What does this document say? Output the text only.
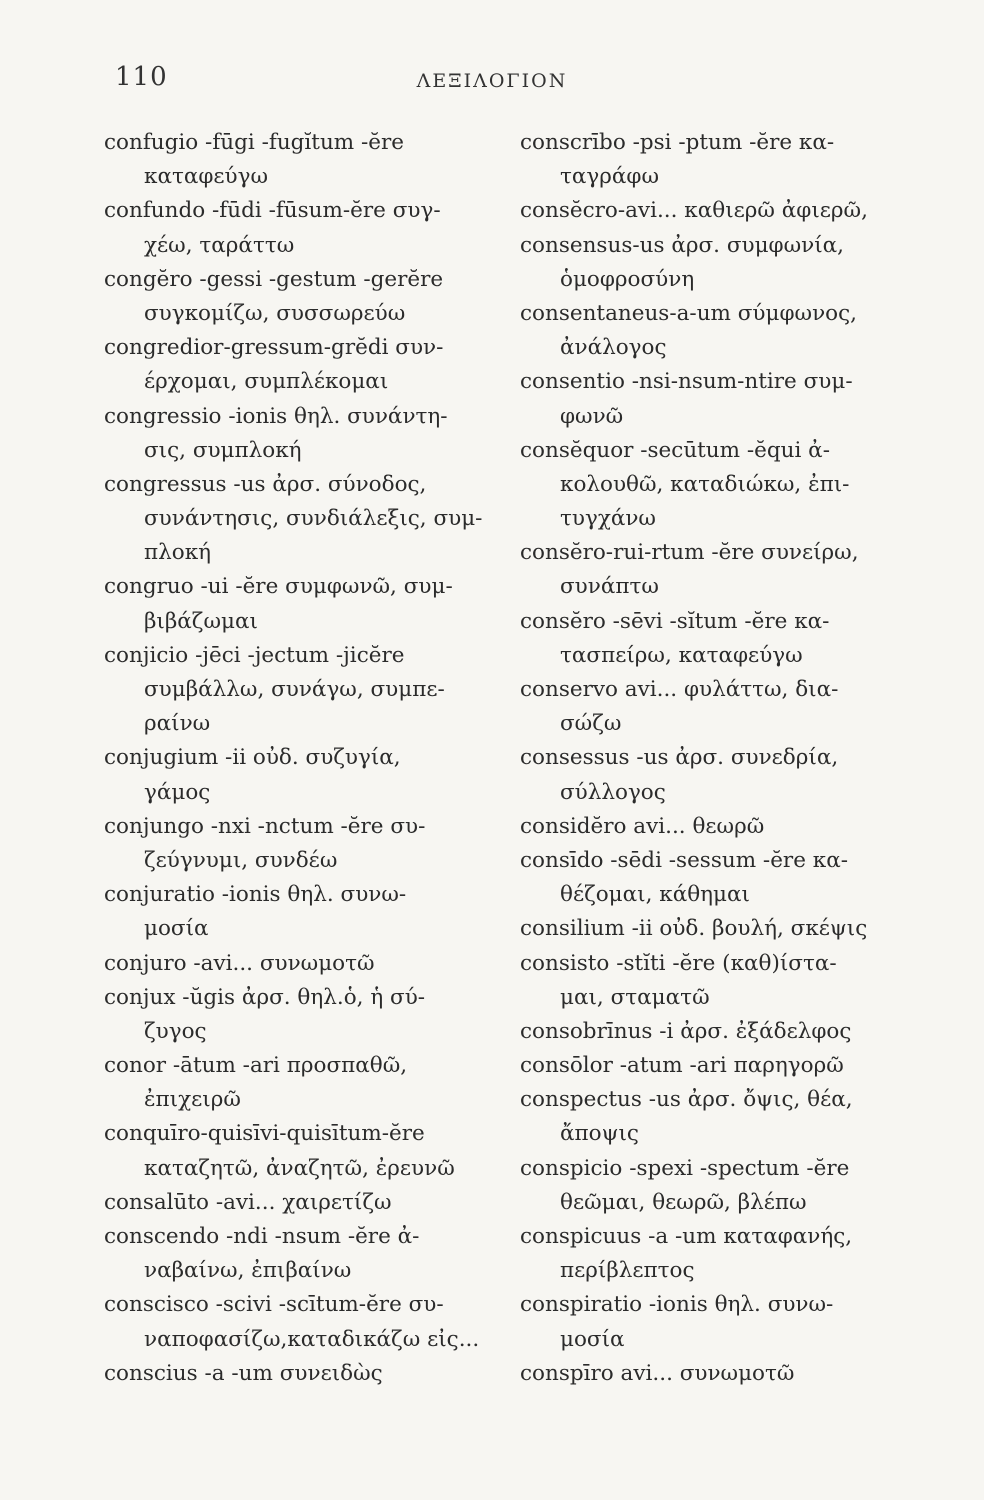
110	ΛΕΞΙΛΟΓΙΟΝ
confugio -fūgi -fugĭtum -ĕre
καταφεύγω
confundo -fūdi -fūsum-ĕre συγ-
χέω, ταράττω
congĕro -gessi -gestum -gerĕre
συγκομίζω, συσσωρεύω
congredior-gressum-grĕdi συν-
έρχομαι, συμπλέκομαι
congressio -ionis θηλ. συνάντη-
σις, συμπλοκή
congressus -us ἀρσ. σύνοδος,
συνάντησις, συνδιάλεξις, συμ-
πλοκή
congruo -ui -ĕre συμφωνῶ, συμ-
βιβάζωμαι
conjicio -jēci -jectum -jicĕre
συμβάλλω, συνάγω, συμπε-
ραίνω
conjugium -ii οὐδ. συζυγία,
γάμος
conjungo -nxi -nctum -ĕre συ-
ζεύγνυμι, συνδέω
conjuratio -ionis θηλ. συνω-
μοσία
conjuro -avi... συνωμοτῶ
conjux -ŭgis ἀρσ. θηλ.ὁ, ἡ σύ-
ζυγος
conor -ātum -ari προσπαθῶ,
ἐπιχειρῶ
conquīro-quisīvi-quisītum-ĕre
καταζητῶ, ἀναζητῶ, ἐρευνῶ
consalūto -avi... χαιρετίζω
conscendo -ndi -nsum -ĕre ἀ-
ναβαίνω, ἐπιβαίνω
conscisco -scivi -scītum-ĕre συ-
ναποφασίζω,καταδικάζω εἰς...
conscius -a -um συνειδὼς
conscrībo -psi -ptum -ĕre κα-
ταγράφω
consĕcro-avi... καθιερῶ ἀφιερῶ,
consensus-us ἀρσ. συμφωνία,
ὁμοφροσύνη
consentaneus-a-um σύμφωνος,
ἀνάλογος
consentio -nsi-nsum-ntire συμ-
φωνῶ
consĕquor -secūtum -ĕqui ἀ-
κολουθῶ, καταδιώκω, ἐπι-
τυγχάνω
consĕro-rui-rtum -ĕre συνείρω,
συνάπτω
consĕro -sēvi -sĭtum -ĕre κα-
τασπείρω, καταφεύγω
conservo avi... φυλάττω, δια-
σώζω
consessus -us ἀρσ. συνεδρία,
σύλλογος
considĕro avi... θεωρῶ
consīdo -sēdi -sessum -ĕre κα-
θέζομαι, κάθημαι
consilium -ii οὐδ. βουλή, σκέψις
consisto -stĭti -ĕre (καθ)ίστα-
μαι, σταματῶ
consobrīnus -i ἀρσ. ἐξάδελφος
consōlor -atum -ari παρηγορῶ
conspectus -us ἀρσ. ὄψις, θέα,
ἄποψις
conspicio -spexi -spectum -ĕre
θεῶμαι, θεωρῶ, βλέπω
conspicuus -a -um καταφανής,
περίβλεπτος
conspiratio -ionis θηλ. συνω-
μοσία
conspīro avi... συνωμοτῶ
